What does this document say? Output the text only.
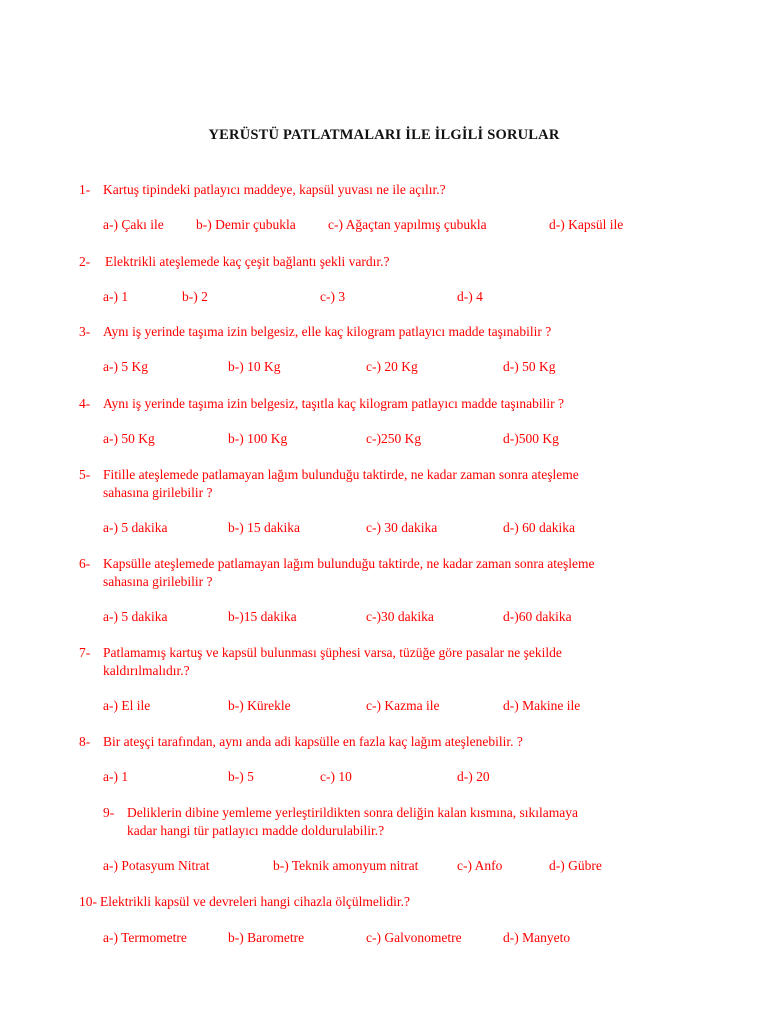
YERÜSTÜ PATLATMALARI İLE İLGİLİ SORULAR
1- Kartuş tipindeki patlayıcı maddeye, kapsül yuvası ne ile açılır.?
a-) Çakı ile b-) Demir çubukla c-) Ağaçtan yapılmış çubukla	d-) Kapsül ile
2- Elektrikli ateşlemede kaç çeşit bağlantı şekli vardır.?
a-) 1	b-) 2	c-) 3	d-) 4
3- Aynı iş yerinde taşıma izin belgesiz, elle kaç kilogram patlayıcı madde taşınabilir ?
a-) 5 Kg	b-) 10 Kg	c-) 20 Kg	d-) 50 Kg
4- Aynı iş yerinde taşıma izin belgesiz, taşıtla kaç kilogram patlayıcı madde taşınabilir ?
a-) 50 Kg	b-) 100 Kg	c-)250 Kg	d-)500 Kg
5- Fitille ateşlemede patlamayan lağım bulunduğu taktirde, ne kadar zaman sonra ateşleme
sahasına girilebilir ?
a-) 5 dakika	b-) 15 dakika	c-) 30 dakika	d-) 60 dakika
6- Kapsülle ateşlemede patlamayan lağım bulunduğu taktirde, ne kadar zaman sonra ateşleme
sahasına girilebilir ?
a-) 5 dakika	b-)15 dakika	c-)30 dakika	d-)60 dakika
7- Patlamamış kartuş ve kapsül bulunması şüphesi varsa, tüzüğe göre pasalar ne şekilde
kaldırılmalıdır.?
a-) El ile	b-) Kürekle	c-) Kazma ile	d-) Makine ile
8- Bir ateşçi tarafından, aynı anda adi kapsülle en fazla kaç lağım ateşlenebilir. ?
a-) 1	b-) 5	c-) 10	d-) 20
9- Deliklerin dibine yemleme yerleştirildikten sonra deliğin kalan kısmına, sıkılamaya
kadar hangi tür patlayıcı madde doldurulabilir.?
a-) Potasyum Nitrat	b-) Teknik amonyum nitrat	c-) Anfo	d-) Gübre
10- Elektrikli kapsül ve devreleri hangi cihazla ölçülmelidir.?
a-) Termometre	b-) Barometre	c-) Galvonometre	d-) Manyeto
